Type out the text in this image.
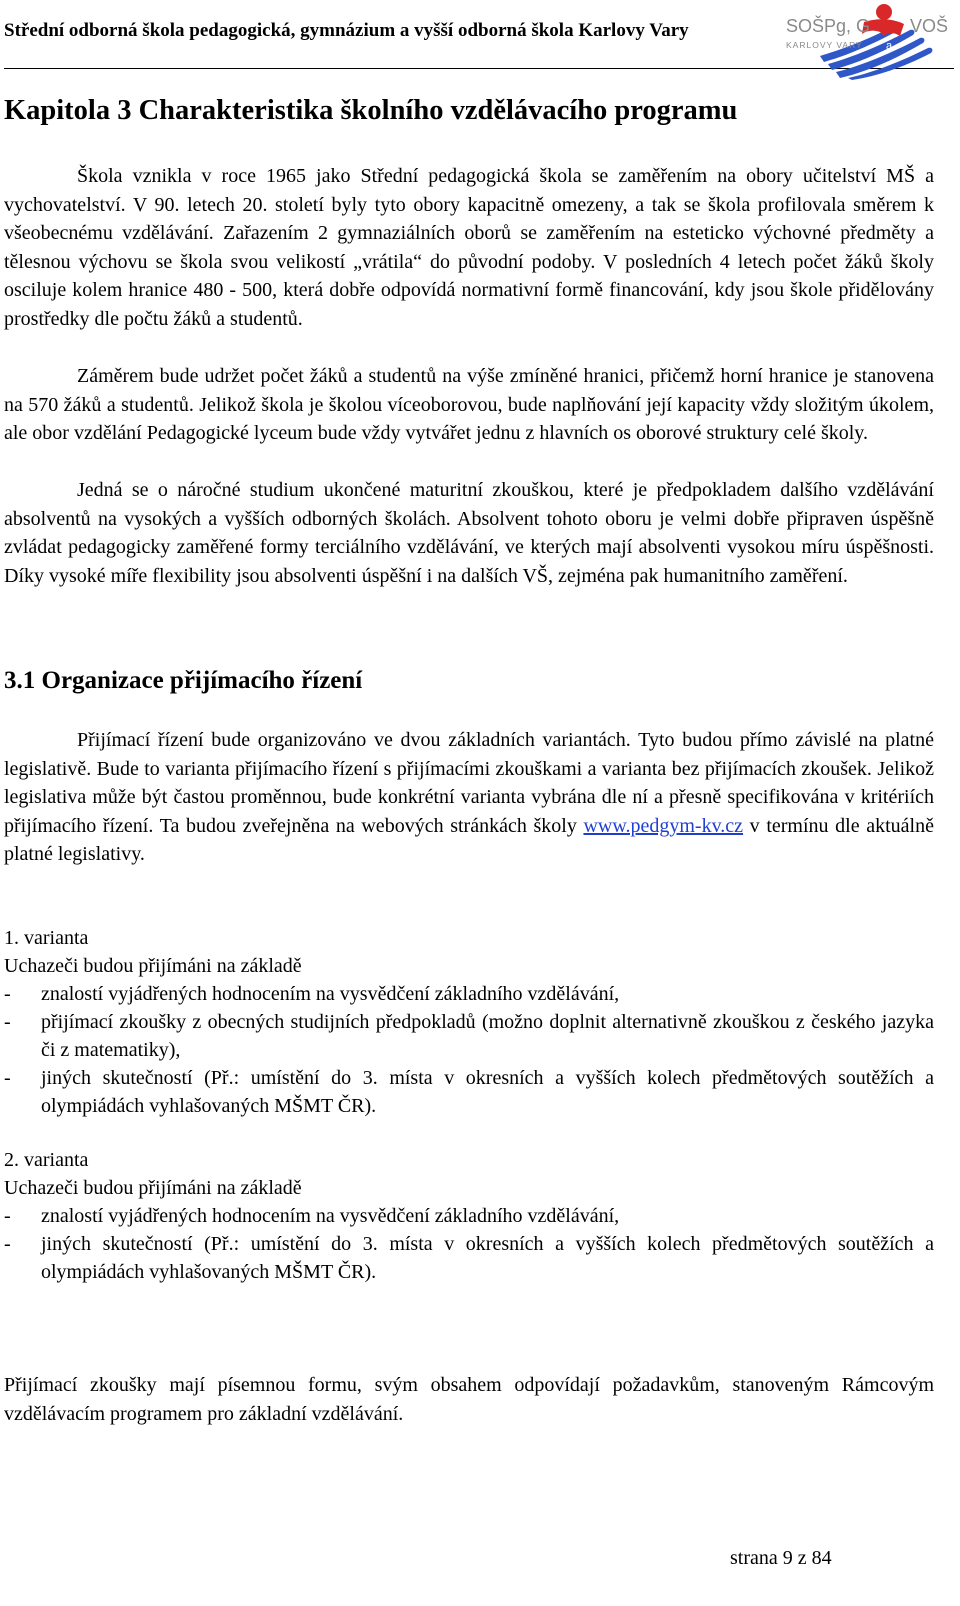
Střední odborná škola pedagogická, gymnázium a vyšší odborná škola Karlovy Vary	SOŠPg, G VOŠ
a
KARLOVY VARY
Kapitola 3 Charakteristika školního vzdělávacího programu

Škola vznikla v roce 1965 jako Střední pedagogická škola se zaměřením na obory učitelství MŠ a vychovatelství. V 90. letech 20. století byly tyto obory kapacitně omezeny, a tak se škola profilovala směrem k všeobecnému vzdělávání. Zařazením 2 gymnaziálních oborů se zaměřením na esteticko výchovné předměty a tělesnou výchovu se škola svou velikostí „vrátila“ do původní podoby. V posledních 4 letech počet žáků školy osciluje kolem hranice 480 - 500, která dobře odpovídá normativní formě financování, kdy jsou škole přidělovány prostředky dle počtu žáků a studentů.

Záměrem bude udržet počet žáků a studentů na výše zmíněné hranici, přičemž horní hranice je stanovena na 570 žáků a studentů. Jelikož škola je školou víceoborovou, bude naplňování její kapacity vždy složitým úkolem, ale obor vzdělání Pedagogické lyceum bude vždy vytvářet jednu z hlavních os oborové struktury celé školy.

Jedná se o náročné studium ukončené maturitní zkouškou, které je předpokladem dalšího vzdělávání absolventů na vysokých a vyšších odborných školách. Absolvent tohoto oboru je velmi dobře připraven úspěšně zvládat pedagogicky zaměřené formy terciálního vzdělávání, ve kterých mají absolventi vysokou míru úspěšnosti. Díky vysoké míře flexibility jsou absolventi úspěšní i na dalších VŠ, zejména pak humanitního zaměření.

3.1 Organizace přijímacího řízení

Přijímací řízení bude organizováno ve dvou základních variantách. Tyto budou přímo závislé na platné legislativě. Bude to varianta přijímacího řízení s přijímacími zkouškami a varianta bez přijímacích zkoušek. Jelikož legislativa může být častou proměnnou, bude konkrétní varianta vybrána dle ní a přesně specifikována v kritériích přijímacího řízení. Ta budou zveřejněna na webových stránkách školy www.pedgym-kv.cz v termínu dle aktuálně platné legislativy.

1. varianta
Uchazeči budou přijímáni na základě
- znalostí vyjádřených hodnocením na vysvědčení základního vzdělávání,
- přijímací zkoušky z obecných studijních předpokladů (možno doplnit alternativně zkouškou z českého jazyka či z matematiky),
- jiných skutečností (Př.: umístění do 3. místa v okresních a vyšších kolech předmětových soutěžích a olympiádách vyhlašovaných MŠMT ČR).
2. varianta
Uchazeči budou přijímáni na základě
- znalostí vyjádřených hodnocením na vysvědčení základního vzdělávání,
- jiných skutečností (Př.: umístění do 3. místa v okresních a vyšších kolech předmětových soutěžích a olympiádách vyhlašovaných MŠMT ČR).

Přijímací zkoušky mají písemnou formu, svým obsahem odpovídají požadavkům, stanoveným Rámcovým vzdělávacím programem pro základní vzdělávání.

strana 9 z 84
